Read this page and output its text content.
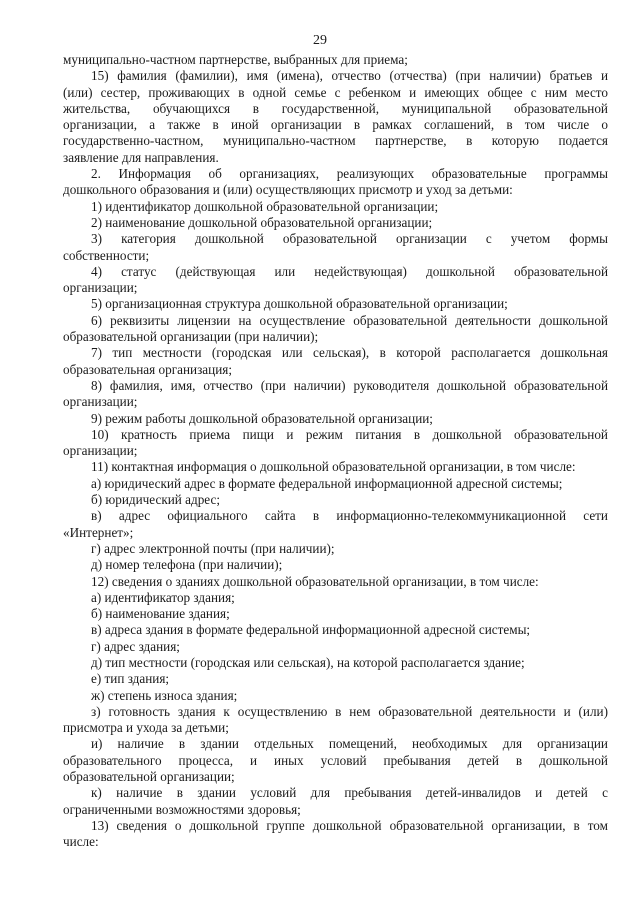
29
муниципально-частном партнерстве, выбранных для приема;
15) фамилия (фамилии), имя (имена), отчество (отчества) (при наличии) братьев и
(или) сестер, проживающих в одной семье с ребенком и имеющих общее с ним место
жительства, обучающихся в государственной, муниципальной образовательной
организации, а также в иной организации в рамках соглашений, в том числе о
государственно-частном, муниципально-частном партнерстве, в которую подается
заявление для направления.
2. Информация об организациях, реализующих образовательные программы
дошкольного образования и (или) осуществляющих присмотр и уход за детьми:
1) идентификатор дошкольной образовательной организации;
2) наименование дошкольной образовательной организации;
3) категория дошкольной образовательной организации с учетом формы
собственности;
4) статус (действующая или недействующая) дошкольной образовательной
организации;
5) организационная структура дошкольной образовательной организации;
6) реквизиты лицензии на осуществление образовательной деятельности дошкольной
образовательной организации (при наличии);
7) тип местности (городская или сельская), в которой располагается дошкольная
образовательная организация;
8) фамилия, имя, отчество (при наличии) руководителя дошкольной образовательной
организации;
9) режим работы дошкольной образовательной организации;
10) кратность приема пищи и режим питания в дошкольной образовательной
организации;
11) контактная информация о дошкольной образовательной организации, в том числе:
а) юридический адрес в формате федеральной информационной адресной системы;
б) юридический адрес;
в) адрес официального сайта в информационно-телекоммуникационной сети
«Интернет»;
г) адрес электронной почты (при наличии);
д) номер телефона (при наличии);
12) сведения о зданиях дошкольной образовательной организации, в том числе:
а) идентификатор здания;
б) наименование здания;
в) адреса здания в формате федеральной информационной адресной системы;
г) адрес здания;
д) тип местности (городская или сельская), на которой располагается здание;
е) тип здания;
ж) степень износа здания;
з) готовность здания к осуществлению в нем образовательной деятельности и (или)
присмотра и ухода за детьми;
и) наличие в здании отдельных помещений, необходимых для организации
образовательного процесса, и иных условий пребывания детей в дошкольной
образовательной организации;
к) наличие в здании условий для пребывания детей-инвалидов и детей с
ограниченными возможностями здоровья;
13) сведения о дошкольной группе дошкольной образовательной организации, в том
числе:
